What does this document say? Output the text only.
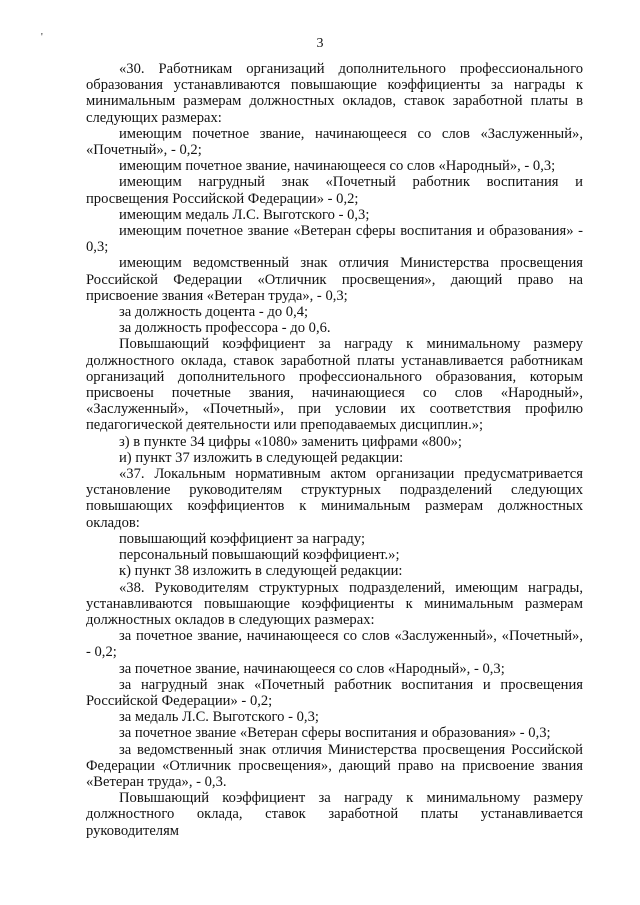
'	3

«30. Работникам организаций дополнительного профессионального образования устанавливаются повышающие коэффициенты за награды к минимальным размерам должностных окладов, ставок заработной платы в следующих размерах:

имеющим почетное звание, начинающееся со слов «Заслуженный», «Почетный», - 0,2;

имеющим почетное звание, начинающееся со слов «Народный», - 0,3;

имеющим нагрудный знак «Почетный работник воспитания и просвещения Российской Федерации» - 0,2;

имеющим медаль Л.С. Выготского - 0,3;

имеющим почетное звание «Ветеран сферы воспитания и образования» - 0,3;

имеющим ведомственный знак отличия Министерства просвещения Российской Федерации «Отличник просвещения», дающий право на присвоение звания «Ветеран труда», - 0,3;

за должность доцента - до 0,4;

за должность профессора - до 0,6.

Повышающий коэффициент за награду к минимальному размеру должностного оклада, ставок заработной платы устанавливается работникам организаций дополнительного профессионального образования, которым присвоены почетные звания, начинающиеся со слов «Народный», «Заслуженный», «Почетный», при условии их соответствия профилю педагогической деятельности или преподаваемых дисциплин.»;

з) в пункте 34 цифры «1080» заменить цифрами «800»;

и) пункт 37 изложить в следующей редакции:

«37. Локальным нормативным актом организации предусматривается установление руководителям структурных подразделений следующих повышающих коэффициентов к минимальным размерам должностных окладов:

повышающий коэффициент за награду;

персональный повышающий коэффициент.»;

к) пункт 38 изложить в следующей редакции:

«38. Руководителям структурных подразделений, имеющим награды, устанавливаются повышающие коэффициенты к минимальным размерам должностных окладов в следующих размерах:

за почетное звание, начинающееся со слов «Заслуженный», «Почетный», - 0,2;

за почетное звание, начинающееся со слов «Народный», - 0,3;

за нагрудный знак «Почетный работник воспитания и просвещения Российской Федерации» - 0,2;

за медаль Л.С. Выготского - 0,3;

за почетное звание «Ветеран сферы воспитания и образования» - 0,3;

за ведомственный знак отличия Министерства просвещения Российской Федерации «Отличник просвещения», дающий право на присвоение звания «Ветеран труда», - 0,3.

Повышающий коэффициент за награду к минимальному размеру должностного оклада, ставок заработной платы устанавливается руководителям
